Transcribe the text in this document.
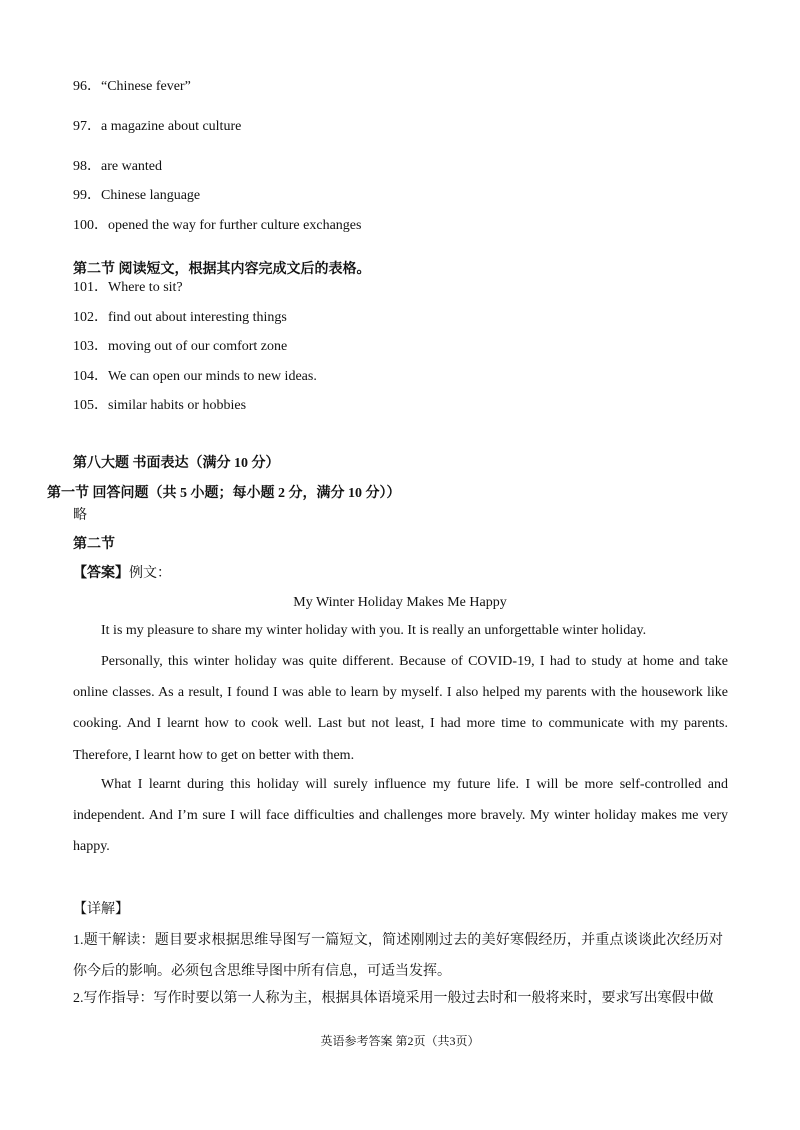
96．“Chinese fever”
97．a magazine about culture
98．are wanted
99．Chinese language
100．opened the way for further culture exchanges
第二节 阅读短文，根据其内容完成文后的表格。
101．Where to sit?
102．find out about interesting things
103．moving out of our comfort zone
104．We can open our minds to new ideas.
105．similar habits or hobbies
第八大题 书面表达（满分 10 分）
第一节 回答问题（共 5 小题；每小题 2 分，满分 10 分））
略
第二节
【答案】例文：
My Winter Holiday Makes Me Happy
It is my pleasure to share my winter holiday with you. It is really an unforgettable winter holiday.
Personally, this winter holiday was quite different. Because of COVID-19, I had to study at home and take online classes. As a result, I found I was able to learn by myself. I also helped my parents with the housework like cooking. And I learnt how to cook well. Last but not least, I had more time to communicate with my parents. Therefore, I learnt how to get on better with them.
What I learnt during this holiday will surely influence my future life. I will be more self-controlled and independent. And I’m sure I will face difficulties and challenges more bravely. My winter holiday makes me very happy.
【详解】
1.题干解读：题目要求根据思维导图写一篇短文，简述刚刚过去的美好寒假经历，并重点谈谈此次经历对你今后的影响。必须包含思维导图中所有信息，可适当发挥。
2.写作指导：写作时要以第一人称为主，根据具体语境采用一般过去时和一般将来时，要求写出寒假中做
英语参考答案 第2页（共3页）
